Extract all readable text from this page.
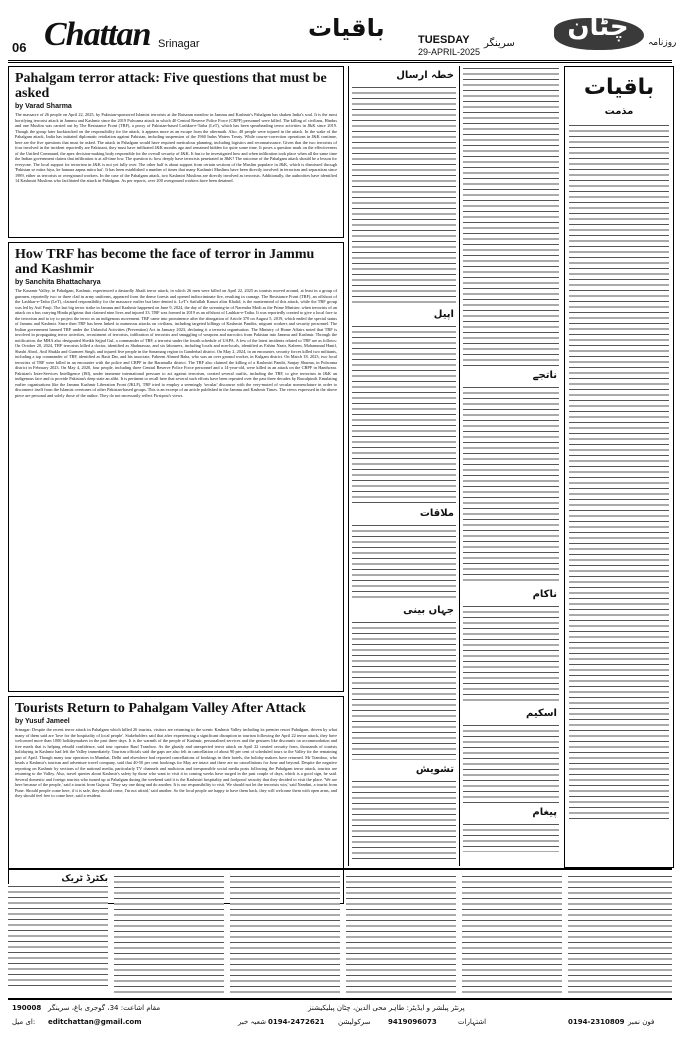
06 Chattan Srinagar
باقیات	TUESDAY
29-APRIL-2025
سرینگر
چٹان
روزنامہ
Pahalgam terror attack: Five questions that must be asked
by Varad Sharma

The massacre of 26 people on April 22, 2025, by Pakistan-sponsored Islamist terrorists at the Baisaran meadow in Jammu and Kashmir's Pahalgam has shaken India's soul. It is the most horrifying terrorist attack in Jammu and Kashmir since the 2019 Pulwama attack in which 40 Central Reserve Police Force (CRPF) personnel were killed. The killing of civilians, Hindus and one Muslim was carried out by The Resistance Front (TRF), a proxy of Pakistan-based Lashkar-e-Taiba (LeT), which has been spearheading terror activities in J&K since 2019. Though the group later backtracked on the responsibility for the attack, it appears more as an escape from the aftermath. Also, 48 people were injured in the attack. In the wake of the Pahalgam attack, India has initiated diplomatic retaliation against Pakistan, including suspension of the 1960 Indus Waters Treaty. While course-correction operations in J&K continue, here are the five questions that must be asked. The attack in Pahalgam would have required meticulous planning, including logistics and reconnaissance. Given that the two terrorists of four involved in the incident reportedly are Pakistani, they must have infiltrated J&K months ago and remained hidden for quite some time. It poses a question mark on the effectiveness of the Unified Command, the apex decision-making body responsible for the overall security of J&K. It has to be investigated how and when infiltration took place when all the same time the Indian government claims that infiltration is at all-time low. The question is: how deeply have terrorists penetrated in J&K? The outcome of the Pahalgam attack should be a lesson for everyone. The local support for terrorism in J&K is not yet fully over. The other half is about support from certain sections of the Muslim populace in J&K, which is dismissed through 'Pakistan se mitra hiya, ke hamara aapna mitra hai'. It has been established a number of times that many Kashmiri Muslims have been directly involved in terrorism and separatism since 1989, either as terrorists or overground workers. In the case of the Pahalgam attack, two Kashmiri Muslims are directly involved as terrorists. Additionally, the authorities have identified 14 Kashmiri Muslims who facilitated the attack in Pahalgam. As per reports, over 200 overground workers have been detained.

How TRF has become the face of terror in Jammu and Kashmir
by Sanchita Bhattacharya

The Kasamir Valley, in Pahalgam, Kashmir, experienced a dastardly Jihadi terror attack, in which 26 men were killed on April 22, 2025 as tourists moved around, at least in a group of gunmen, reportedly two or three clad in army uniforms, appeared from the dense forests and opened indiscriminate fire, resulting in carnage. The Resistance Front (TRF), an offshoot of the Lashkar-e-Taiba (LeT), claimed responsibility for the massacre earlier but later denied it. LeT's Saifullah Kasuri alias Khalid, is the mastermind of this attack, while the TRF group was led by Asif Fauji. The last big terror strike in Jammu and Kashmir happened on June 9, 2024, the day of the swearing-in of Narendra Modi as the Prime Minister, when terrorists of an attack on a bus carrying Hindu pilgrims that claimed nine lives and injured 33. TRF was formed in 2019 as an offshoot of Lashkar-e-Taiba. It was reportedly created to give a local face to the terrorism and to try to project the terror as an indigenous movement. TRF came into prominence after the abrogation of Article 370 on August 5, 2019, which ended the special status of Jammu and Kashmir. Since then TRF has been linked to numerous attacks on civilians, including targeted killings of Kashmiri Pandits, migrant workers and security personnel. The Indian government banned TRF under the Unlawful Activities (Prevention) Act in January 2023, declaring it a terrorist organisation. The Ministry of Home Affairs noted that TRF is involved in propagating terror activities, recruitment of terrorists, infiltration of terrorists and smuggling of weapons and narcotics from Pakistan into Jammu and Kashmir. Through the notification, the MHA also designated Sheikh Sajjad Gul, a commander of TRF, a terrorist under the fourth schedule of UAPA. A few of the latest incidents related to TRF are as follows: On October 20, 2024, TRF terrorists killed a doctor, identified as Shahnawaz, and six labourers, including locals and non-locals, identified as Fahim Nazir, Kaleem, Mohammad Hanif, Shashi Abrol, Anil Shukla and Gurmeet Singh, and injured five people in the Sonamarg region in Ganderbal district. On May 2, 2024, in an encounter, security forces killed two militants, including a top commander of TRF, identified as Basit Dar, and his associate, Faheem Ahmed Baba, who was an over ground worker, in Kulgam district. On March 18, 2023, two local terrorists of TRF were killed in an encounter with the police and CRPF in the Baramulla district. The TRF also claimed the killing of a Kashmiri Pandit, Sanjay Sharma, in Pulwama district in February 2023. On May 4, 2020, four people, including three Central Reserve Police Force personnel and a 14-year-old, were killed in an attack on the CRPF in Handwara. Pakistan's Inter-Services Intelligence (ISI), under immense international pressure to act against terrorism, created several outfits, including the TRF, to give terrorism in J&K an indigenous face and to provide Pakistan's deep state an alibi. It is pertinent to recall here that several such efforts have been repeated over the past three decades by Rawalpindi. Emulating earlier organisations like the Jammu Kashmir Liberation Front (JKLF), TRF tried to employ a seemingly 'secular' discourse with the very-muted of secular nomenclature in order to disconnect itself from the Islamist overtones of other Pakistan-based groups. This is an excerpt of an article published in the Jammu and Kashmir Times. The views expressed in the above piece are personal and solely those of the author. They do not necessarily reflect Firstpost's views.

Tourists Return to Pahalgam Valley After Attack
by Yusuf Jameel

Srinagar: Despite the recent terror attack in Pahalgam which killed 26 tourists, visitors are returning to the scenic Kashmir Valley including its premier resort Pahalgam, driven by what many of them said are 'love for the hospitality of local people'. Stakeholders said that after experiencing a significant disruption in tourism following the April 22 terror attack, they have welcomed more than 1000 holidaymakers in the past three days. It is the warmth of the people of Kashmir, personalised services and the gestures like discounts on accommodation and free meals that is helping rebuild confidence, said tour operator Rauf Tramboo. As the ghastly and unexpected terror attack on April 22 created security fears, thousands of tourists holidaying in Kashmir had left the Valley immediately. Tourism officials said the gaps are also felt in cancellation of about 90 per cent of scheduled tours to the Valley for the remaining part of April. Though many tour operators in Mumbai, Delhi and elsewhere had reported cancellations of bookings in their hotels, the holiday makers have returned. Mr Tramboo, who heads a Kashmir's tourism and adventure travel company, said that 40-50 per cent bookings for May are intact and there are no cancellations for June and beyond. Despite the negative reporting on Kashmir by sections of the national media, particularly TV channels and malicious and irresponsible social media posts following the Pahalgam terror attack, tourists are returning to the Valley. Also, travel queries about Kashmir's safety by those who want to visit it in coming weeks have surged in the past couple of days, which is a good sign, he said. Several domestic and foreign tourists who turned up at Pahalgam during the weekend said it is the Kashmiri hospitality and foolproof security that they decided to visit the place. 'We are here because of the people,' said a tourist from Gujarat. 'They say one thing and do another. It is our responsibility to visit. We should not let the terrorists win,' said Nandini, a tourist from Pune. Should people come here, if it is safe, they should come, I'm not afraid,' said another. So the local people are happy to have them back, they will welcome them with open arms, and they should feel free to come here, said a resident.

خطہ ارسال
اپیل
ملاقات
جہاں بینی
تشویش
ناتجے
ناکام
اسکیم
پیغام
باقیات
مذمت
بکٹرڈ ٹریک
190008 مقام اشاعت: 34، گوجری باغ، سرینگر
ای میل: editchattan@gmail.com	شعبہ خبر 0194-2472621 سرکولیشن	9419096073	اشتہارات	0194-2310809 فون نمبر
پرنٹر پبلشر و ایڈیٹر: طاہر محی الدین، چٹان پبلیکیشنز
